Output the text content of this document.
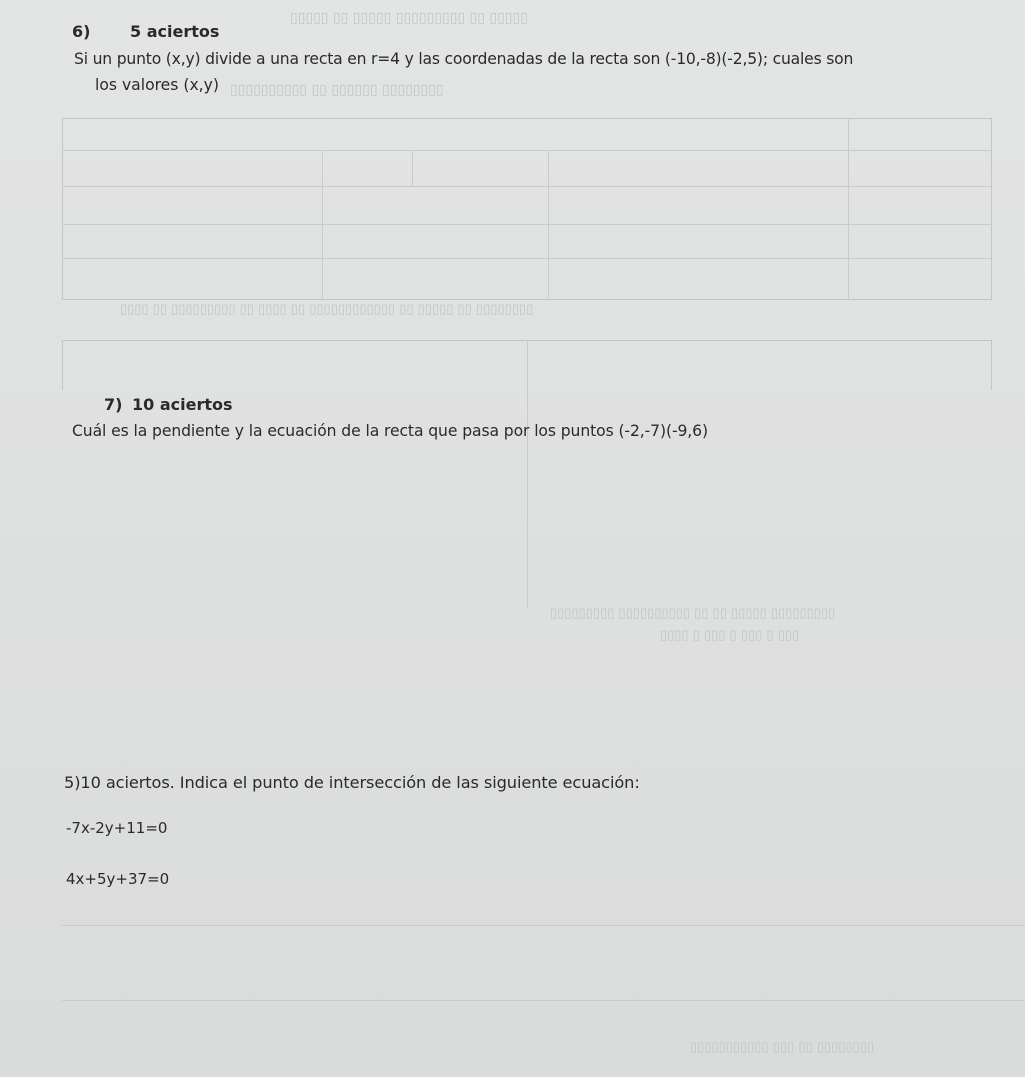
▯▯▯▯▯ ▯▯ ▯▯▯▯▯▯▯▯▯ ▯▯▯▯▯ ▯▯ ▯▯▯▯▯
▯▯▯▯▯▯▯▯ ▯▯▯▯▯▯ ▯▯ ▯▯▯▯▯▯▯▯▯▯
▯▯▯▯▯▯▯▯ ▯▯ ▯▯▯▯▯ ▯▯ ▯▯▯▯▯▯▯▯▯▯▯▯ ▯▯ ▯▯▯▯ ▯▯ ▯▯▯▯▯▯▯▯▯ ▯▯ ▯▯▯▯
▯▯▯▯▯▯▯▯▯ ▯▯▯▯▯ ▯▯ ▯▯ ▯▯▯▯▯▯▯▯▯▯ ▯▯▯▯▯▯▯▯▯
▯▯▯ ▯ ▯▯▯ ▯ ▯▯▯ ▯ ▯▯▯▯
▯▯▯▯▯▯▯▯ ▯▯ ▯▯▯ ▯▯▯▯▯▯▯▯▯▯▯
6) 5 aciertos
Si un punto (x,y) divide a una recta en r=4 y las coordenadas de la recta son (-10,-8)(-2,5); cuales son
los valores (x,y)
7) 10 aciertos
Cuál es la pendiente y la ecuación de la recta que pasa por los puntos (-2,-7)(-9,6)
5)10 aciertos. Indica el punto de intersección de las siguiente ecuación:
-7x-2y+11=0
4x+5y+37=0
